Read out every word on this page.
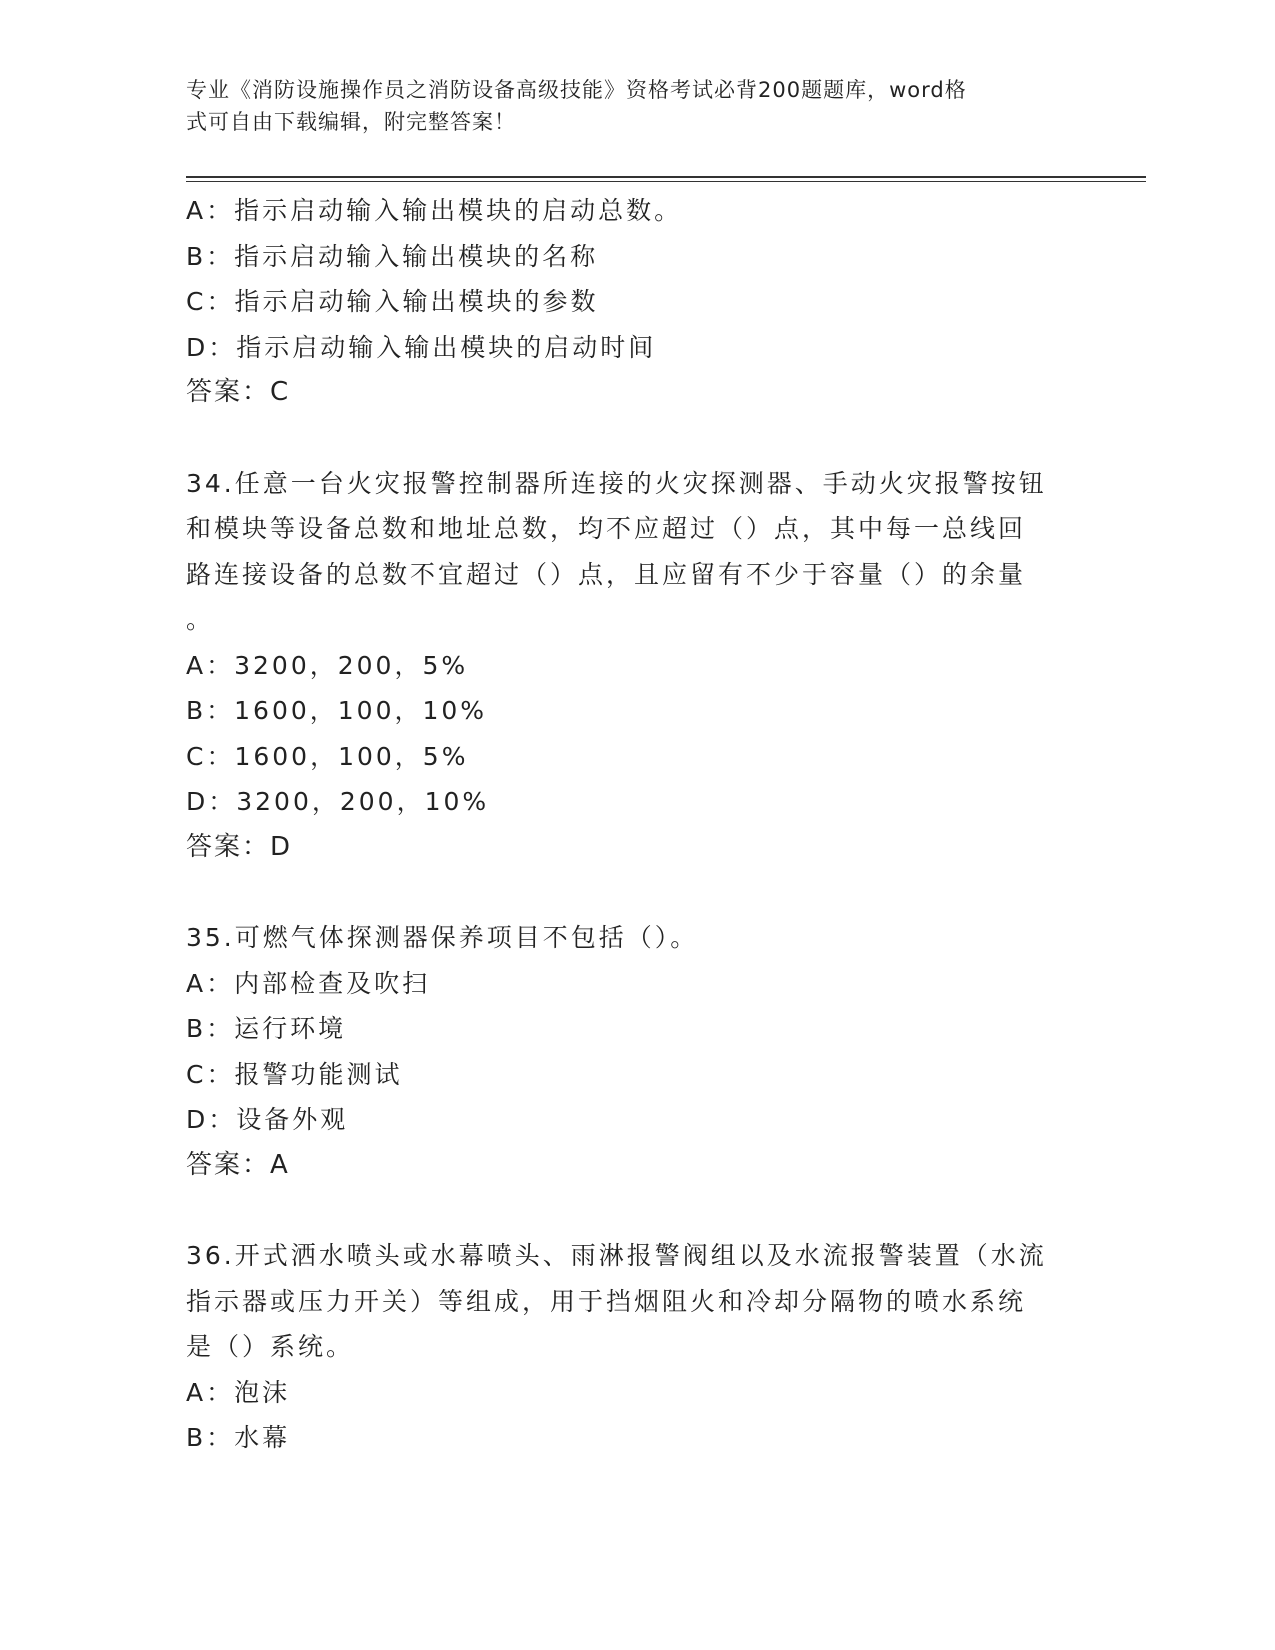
专业《消防设施操作员之消防设备高级技能》资格考试必背200题题库，word格
式可自由下载编辑，附完整答案！
A：指示启动输入输出模块的启动总数。
B：指示启动输入输出模块的名称
C：指示启动输入输出模块的参数
D：指示启动输入输出模块的启动时间
答案：C
34.任意一台火灾报警控制器所连接的火灾探测器、手动火灾报警按钮
和模块等设备总数和地址总数，均不应超过（）点，其中每一总线回
路连接设备的总数不宜超过（）点，且应留有不少于容量（）的余量
。
A：3200，200，5%
B：1600，100，10%
C：1600，100，5%
D：3200，200，10%
答案：D
35.可燃气体探测器保养项目不包括（）。
A：内部检查及吹扫
B：运行环境
C：报警功能测试
D：设备外观
答案：A
36.开式洒水喷头或水幕喷头、雨淋报警阀组以及水流报警装置（水流
指示器或压力开关）等组成，用于挡烟阻火和冷却分隔物的喷水系统
是（）系统。
A：泡沫
B：水幕
